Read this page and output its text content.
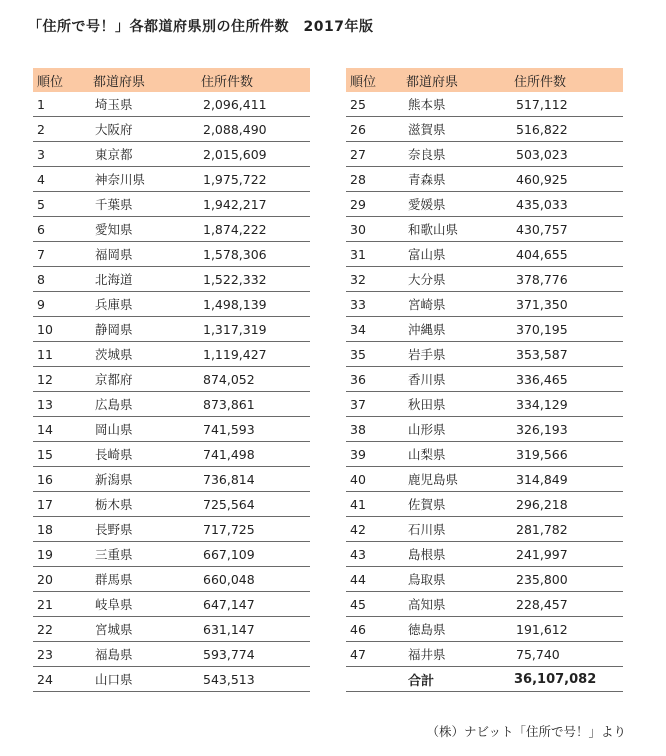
「住所で号！」各都道府県別の住所件数　2017年版
順位	都道府県	住所件数
1	埼玉県	2,096,411
2	大阪府	2,088,490
3	東京都	2,015,609
4	神奈川県	1,975,722
5	千葉県	1,942,217
6	愛知県	1,874,222
7	福岡県	1,578,306
8	北海道	1,522,332
9	兵庫県	1,498,139
10	静岡県	1,317,319
11	茨城県	1,119,427
12	京都府	874,052
13	広島県	873,861
14	岡山県	741,593
15	長崎県	741,498
16	新潟県	736,814
17	栃木県	725,564
18	長野県	717,725
19	三重県	667,109
20	群馬県	660,048
21	岐阜県	647,147
22	宮城県	631,147
23	福島県	593,774
24	山口県	543,513
順位	都道府県	住所件数
25	熊本県	517,112
26	滋賀県	516,822
27	奈良県	503,023
28	青森県	460,925
29	愛媛県	435,033
30	和歌山県	430,757
31	富山県	404,655
32	大分県	378,776
33	宮崎県	371,350
34	沖縄県	370,195
35	岩手県	353,587
36	香川県	336,465
37	秋田県	334,129
38	山形県	326,193
39	山梨県	319,566
40	鹿児島県	314,849
41	佐賀県	296,218
42	石川県	281,782
43	島根県	241,997
44	鳥取県	235,800
45	高知県	228,457
46	徳島県	191,612
47	福井県	75,740
	合計	36,107,082
（株）ナビット「住所で号！」より
